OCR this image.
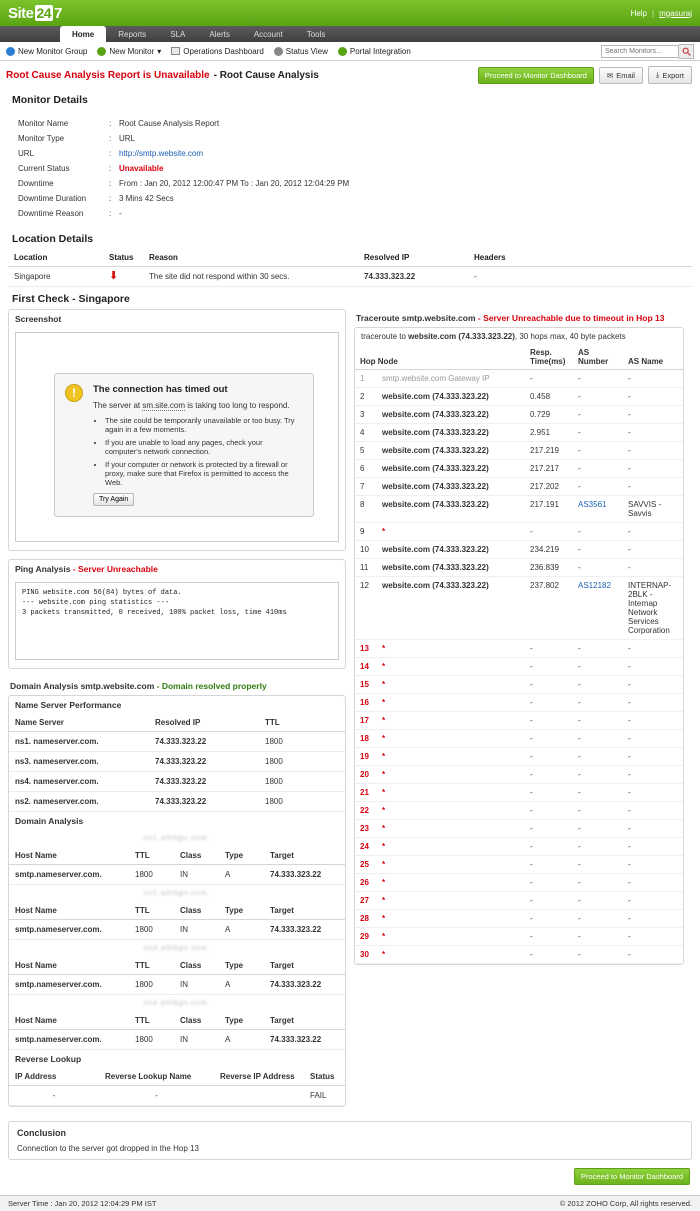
Site 24 7	Help | mgasuraj
Home	Reports	SLA	Alerts	Account	Tools
New Monitor Group	New Monitor ▾	Operations Dashboard	Status View	Portal Integration
Search Monitors...
Root Cause Analysis Report is Unavailable - Root Cause Analysis	Proceed to Monitor Dashboard	✉ Email	⤓ Export
Monitor Details
Monitor Name	:	Root Cause Analysis Report
Monitor Type	:	URL
URL	:	http://smtp.website.com
Current Status	:	Unavailable
Downtime	:	From : Jan 20, 2012 12:00:47 PM To : Jan 20, 2012 12:04:29 PM
Downtime Duration	:	3 Mins 42 Secs
Downtime Reason	:	-
Location Details
Location	Status	Reason	Resolved IP	Headers
Singapore	⬇	The site did not respond within 30 secs.	74.333.323.22	-
First Check - Singapore
Screenshot
!	The connection has timed out

The server at sm.site.com is taking too long to respond.

• The site could be temporarily unavailable or too busy. Try again in a few moments.
• If you are unable to load any pages, check your computer's network connection.
• If your computer or network is protected by a firewall or proxy, make sure that Firefox is permitted to access the Web.
Try Again
Ping Analysis - Server Unreachable
PING website.com 56(84) bytes of data.
--- website.com ping statistics ---
3 packets transmitted, 0 received, 100% packet loss, time 410ms
Domain Analysis smtp.website.com - Domain resolved properly
Name Server Performance
Name Server	Resolved IP	TTL
ns1. nameserver.com.	74.333.323.22	1800
ns3. nameserver.com.	74.333.323.22	1800
ns4. nameserver.com.	74.333.323.22	1800
ns2. nameserver.com.	74.333.323.22	1800
Domain Analysis
ns1.athbgn.com.
Host Name	TTL	Class	Type	Target
smtp.nameserver.com.	1800	IN	A	74.333.323.22
ns2.athbgn.com.
Host Name	TTL	Class	Type	Target
smtp.nameserver.com.	1800	IN	A	74.333.323.22
ns3.athbgn.com.
Host Name	TTL	Class	Type	Target
smtp.nameserver.com.	1800	IN	A	74.333.323.22
ns4.athbgn.com.
Host Name	TTL	Class	Type	Target
smtp.nameserver.com.	1800	IN	A	74.333.323.22
Reverse Lookup
IP Address	Reverse Lookup Name	Reverse IP Address	Status
-	-		FAIL
Traceroute smtp.website.com - Server Unreachable due to timeout in Hop 13
traceroute to website.com (74.333.323.22), 30 hops max, 40 byte packets
Hop Node		Resp. Time(ms)	AS Number	AS Name
1	smtp.website.com Gateway IP	-	-	-
2	website.com (74.333.323.22)	0.458	-	-
3	website.com (74.333.323.22)	0.729	-	-
4	website.com (74.333.323.22)	2.951	-	-
5	website.com (74.333.323.22)	217.219	-	-
6	website.com (74.333.323.22)	217.217	-	-
7	website.com (74.333.323.22)	217.202	-	-
8	website.com (74.333.323.22)	217.191	AS3561	SAVVIS - Savvis
9	*	-	-	-
10	website.com (74.333.323.22)	234.219	-	-
11	website.com (74.333.323.22)	236.839	-	-
12	website.com (74.333.323.22)	237.802	AS12182	INTERNAP-2BLK - Internap Network Services Corporation
13	*	-	-	-
14	*	-	-	-
15	*	-	-	-
16	*	-	-	-
17	*	-	-	-
18	*	-	-	-
19	*	-	-	-
20	*	-	-	-
21	*	-	-	-
22	*	-	-	-
23	*	-	-	-
24	*	-	-	-
25	*	-	-	-
26	*	-	-	-
27	*	-	-	-
28	*	-	-	-
29	*	-	-	-
30	*	-	-	-
Conclusion

Connection to the server got dropped in the Hop 13

Proceed to Monitor Dashboard
Server Time : Jan 20, 2012 12:04:29 PM IST	© 2012 ZOHO Corp, All rights reserved.
